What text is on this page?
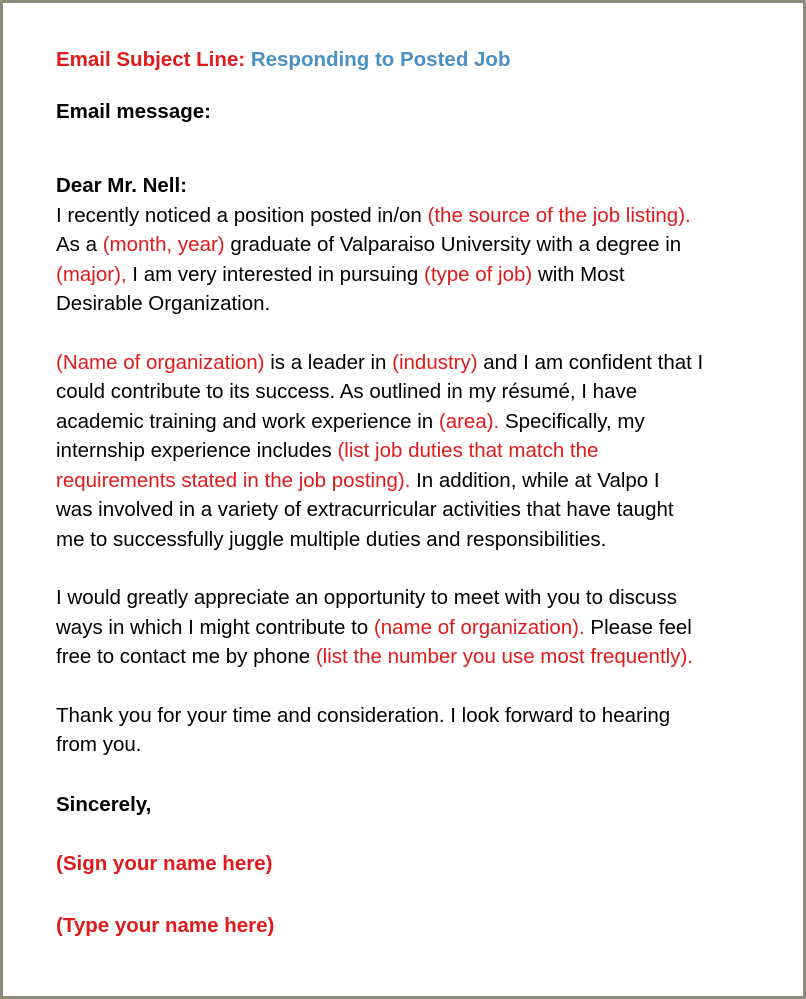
Email Subject Line: Responding to Posted Job
Email message:
Dear Mr. Nell:
I recently noticed a position posted in/on (the source of the job listing).
As a (month, year) graduate of Valparaiso University with a degree in
(major), I am very interested in pursuing (type of job) with Most
Desirable Organization.
(Name of organization) is a leader in (industry) and I am confident that I
could contribute to its success. As outlined in my résumé, I have
academic training and work experience in (area). Specifically, my
internship experience includes (list job duties that match the
requirements stated in the job posting). In addition, while at Valpo I
was involved in a variety of extracurricular activities that have taught
me to successfully juggle multiple duties and responsibilities.
I would greatly appreciate an opportunity to meet with you to discuss
ways in which I might contribute to (name of organization). Please feel
free to contact me by phone (list the number you use most frequently).
Thank you for your time and consideration. I look forward to hearing
from you.
Sincerely,
(Sign your name here)
(Type your name here)
